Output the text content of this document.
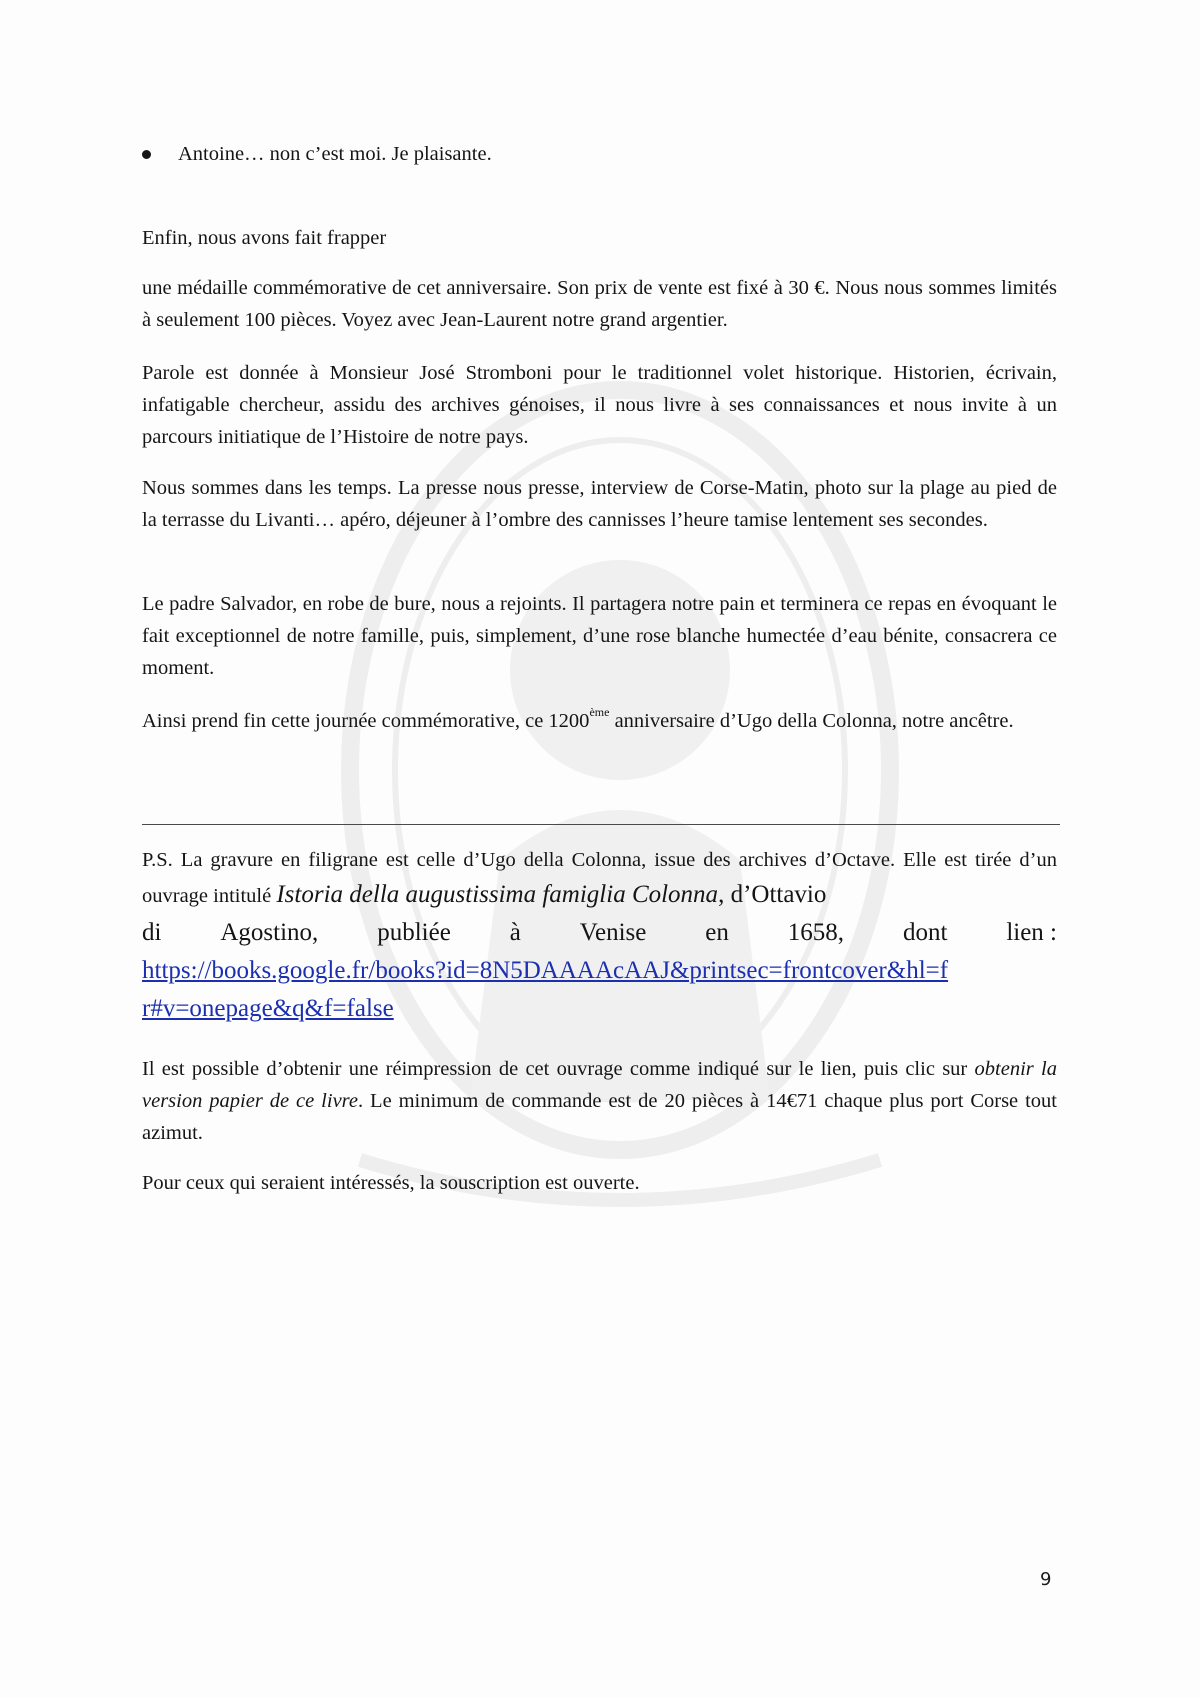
Antoine… non c’est moi. Je plaisante.

Enfin, nous avons fait frapper

une médaille commémorative de cet anniversaire. Son prix de vente est fixé à 30 €. Nous nous sommes limités à seulement 100 pièces. Voyez avec Jean-Laurent notre grand argentier.

Parole est donnée à Monsieur José Stromboni pour le traditionnel volet historique. Historien, écrivain, infatigable chercheur, assidu des archives génoises, il nous livre à ses connaissances et nous invite à un parcours initiatique de l’Histoire de notre pays.

Nous sommes dans les temps. La presse nous presse, interview de Corse-Matin, photo sur la plage au pied de la terrasse du Livanti… apéro, déjeuner à l’ombre des cannisses l’heure tamise lentement ses secondes.

Le padre Salvador, en robe de bure, nous a rejoints. Il partagera notre pain et terminera ce repas en évoquant le fait exceptionnel de notre famille, puis, simplement, d’une rose blanche humectée d’eau bénite, consacrera ce moment.

Ainsi prend fin cette journée commémorative, ce 1200ème anniversaire d’Ugo della Colonna, notre ancêtre.

P.S. La gravure en filigrane est celle d’Ugo della Colonna, issue des archives d’Octave. Elle est tirée d’un ouvrage intitulé Istoria della augustissima famiglia Colonna, d’Ottavio
di Agostino, publiée à Venise en 1658, dont lien :
https://books.google.fr/books?id=8N5DAAAAcAAJ&printsec=frontcover&hl=f
r#v=onepage&q&f=false

Il est possible d’obtenir une réimpression de cet ouvrage comme indiqué sur le lien, puis clic sur obtenir la version papier de ce livre. Le minimum de commande est de 20 pièces à 14€71 chaque plus port Corse tout azimut.

Pour ceux qui seraient intéressés, la souscription est ouverte.

9
